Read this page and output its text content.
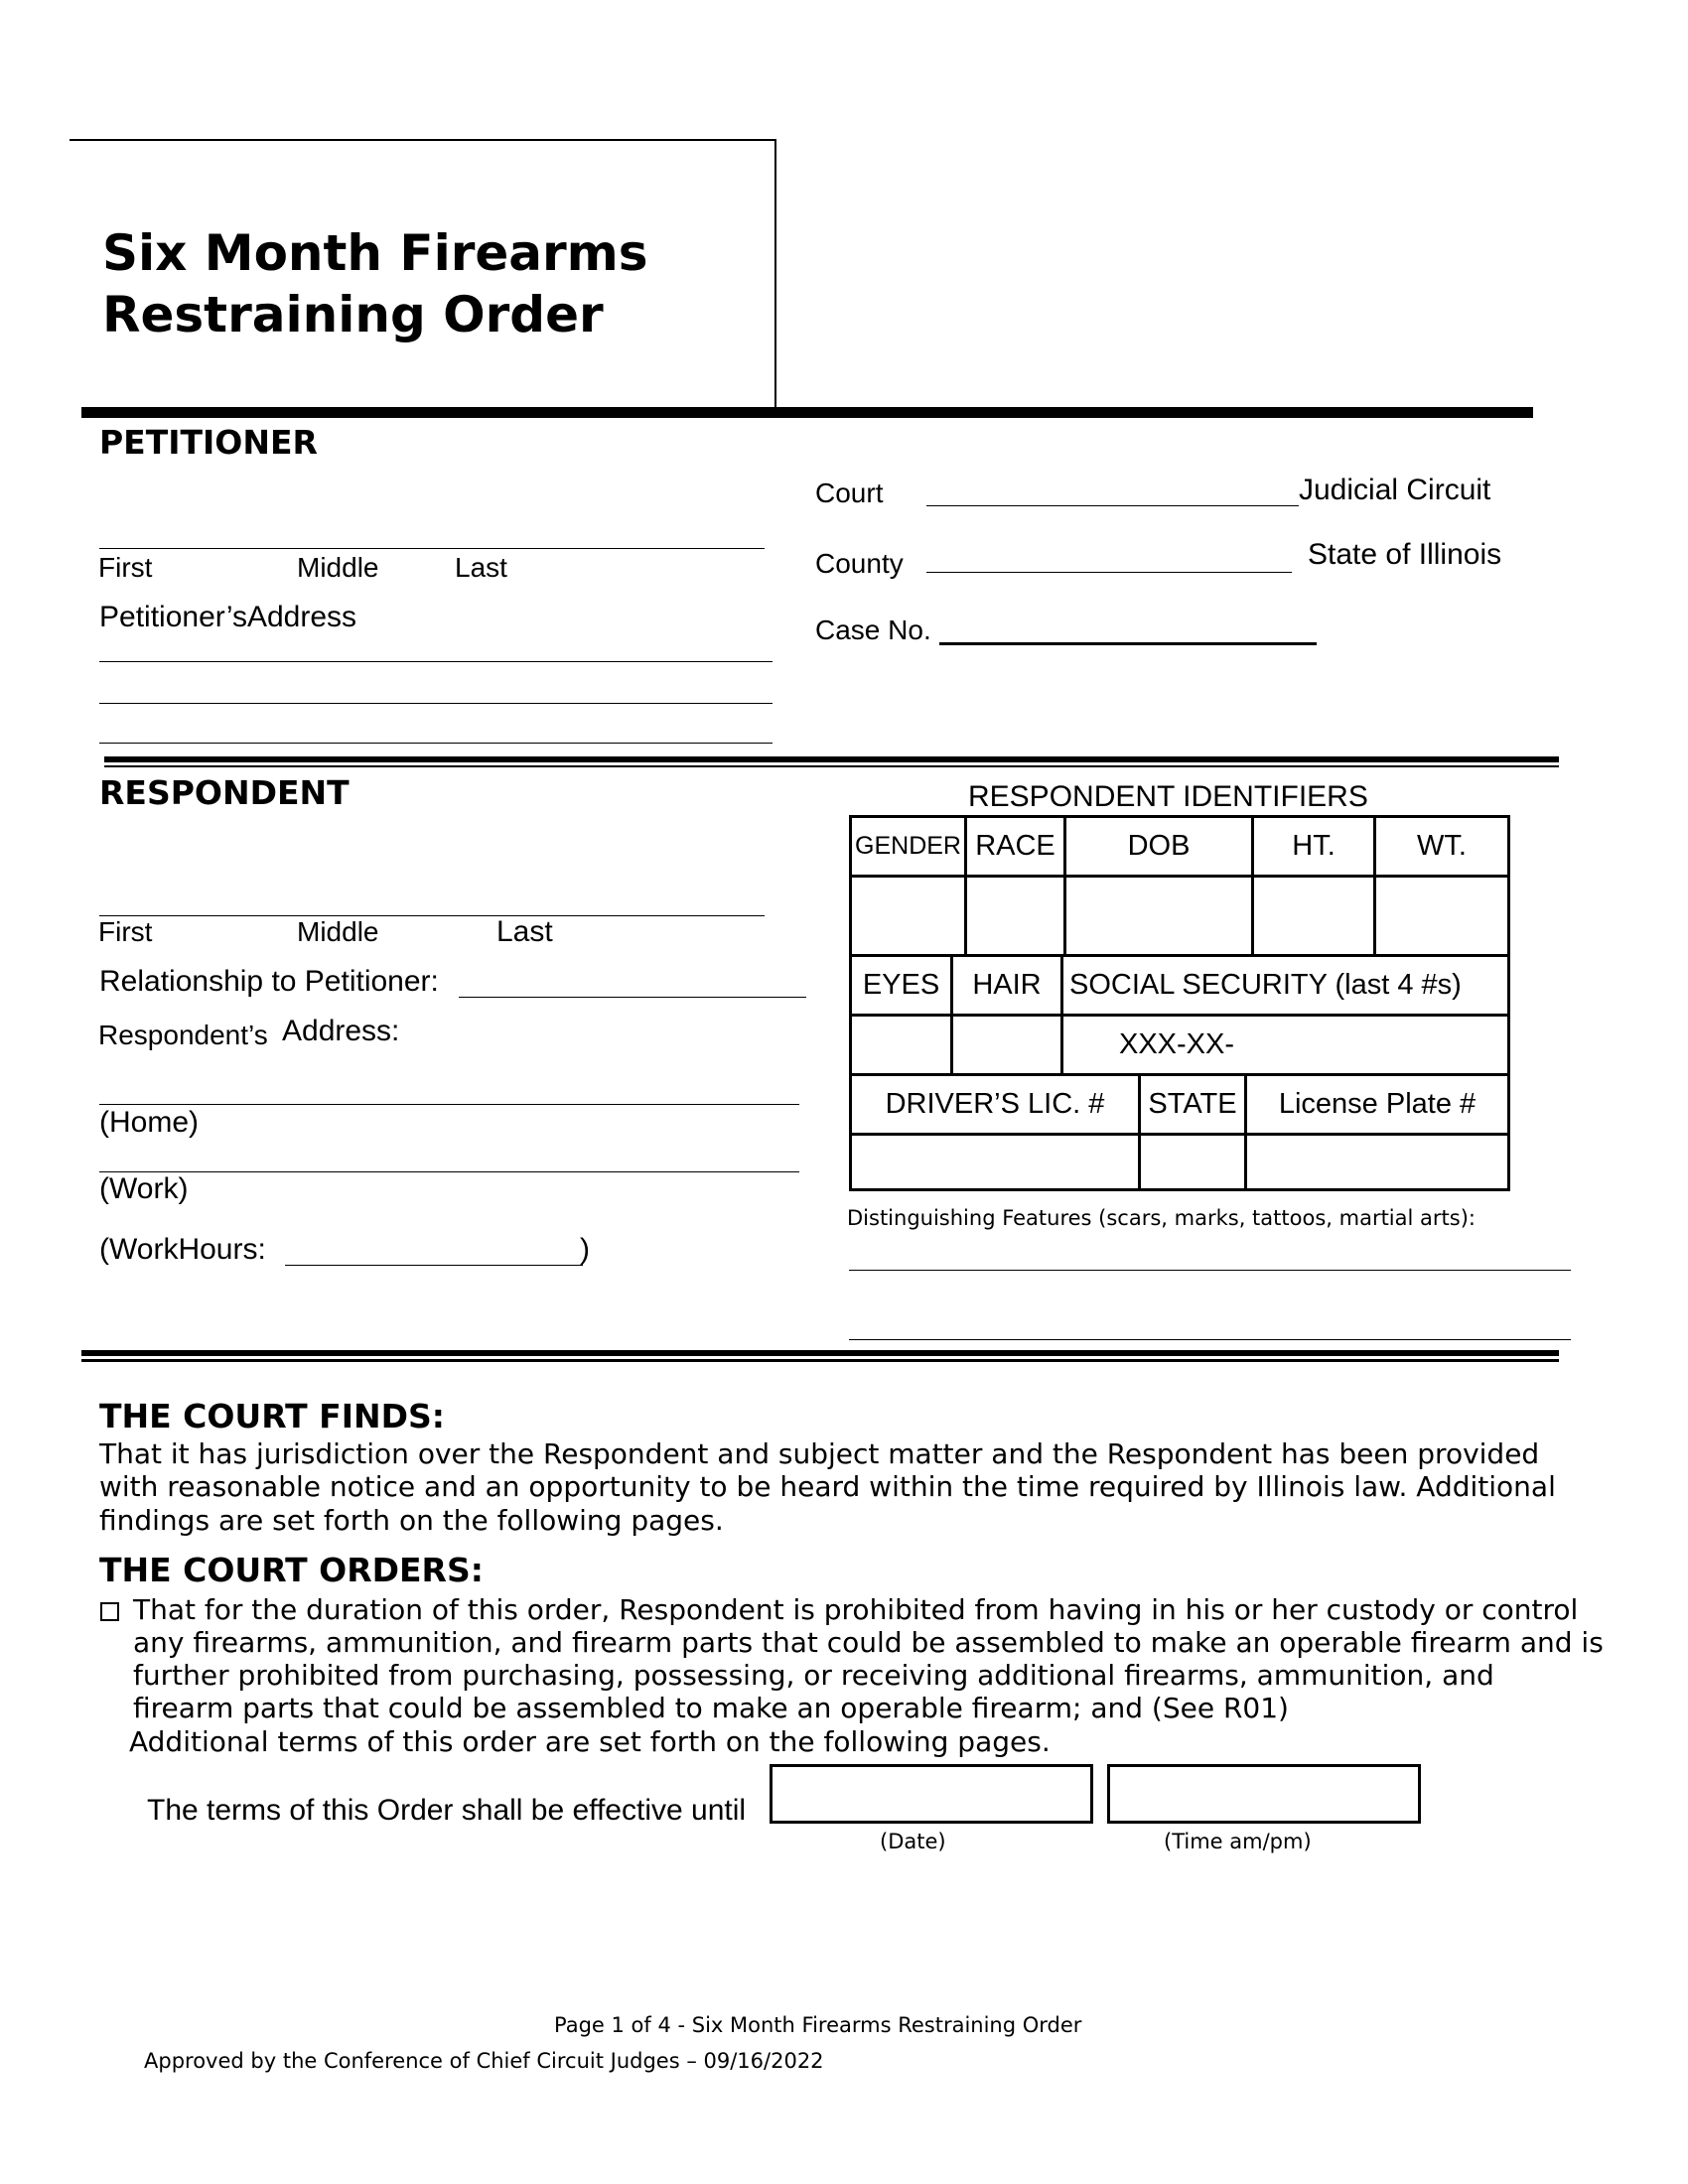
Six Month Firearms
Restraining Order
PETITIONER
First	Middle	Last
Petitioner’sAddress
Court	Judicial Circuit
County	State of Illinois
Case No.
RESPONDENT
First	Middle	Last
Relationship to Petitioner:
Respondent’s Address:
(Home)
(Work)
(WorkHours:	)
RESPONDENT IDENTIFIERS
GENDER	RACE	DOB	HT.	WT.

EYES	HAIR	SOCIAL SECURITY (last 4 #s)
		XXX-XX-
DRIVER’S LIC. #	STATE	License Plate #

Distinguishing Features (scars, marks, tattoos, martial arts):
THE COURT FINDS:
That it has jurisdiction over the Respondent and subject matter and the Respondent has been provided
with reasonable notice and an opportunity to be heard within the time required by Illinois law. Additional
findings are set forth on the following pages.
THE COURT ORDERS:
That for the duration of this order, Respondent is prohibited from having in his or her custody or control
any firearms, ammunition, and firearm parts that could be assembled to make an operable firearm and is
further prohibited from purchasing, possessing, or receiving additional firearms, ammunition, and
firearm parts that could be assembled to make an operable firearm; and (See R01)
Additional terms of this order are set forth on the following pages.
The terms of this Order shall be effective until
(Date)	(Time am/pm)
Page 1 of 4 - Six Month Firearms Restraining Order
Approved by the Conference of Chief Circuit Judges – 09/16/2022
